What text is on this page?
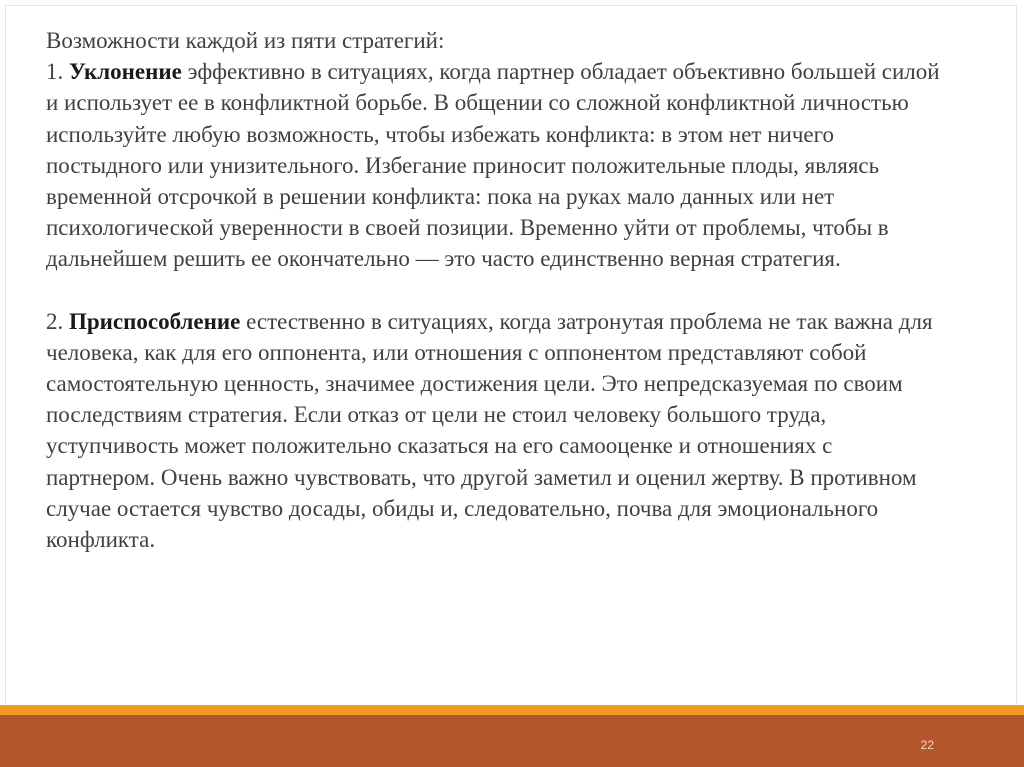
Возможности каждой из пяти стратегий:

1. Уклонение эффективно в ситуациях, когда партнер обладает объективно большей силой и использует ее в конфликтной борьбе. В общении со сложной конфликтной личностью используйте любую возможность, чтобы избежать конфликта: в этом нет ничего постыдного или унизительного. Избегание приносит положительные плоды, являясь временной отсрочкой в решении конфликта: пока на руках мало данных или нет психологической уверенности в своей позиции. Временно уйти от проблемы, чтобы в дальнейшем решить ее окончательно — это часто единственно верная стратегия.

2. Приспособление естественно в ситуациях, когда затронутая проблема не так важна для человека, как для его оппонента, или отношения с оппонентом представляют собой самостоятельную ценность, значимее достижения цели. Это непредсказуемая по своим последствиям стратегия. Если отказ от цели не стоил человеку большого труда, уступчивость может положительно сказаться на его самооценке и отношениях с партнером. Очень важно чувствовать, что другой заметил и оценил жертву. В противном случае остается чувство досады, обиды и, следовательно, почва для эмоционального конфликта.

22
